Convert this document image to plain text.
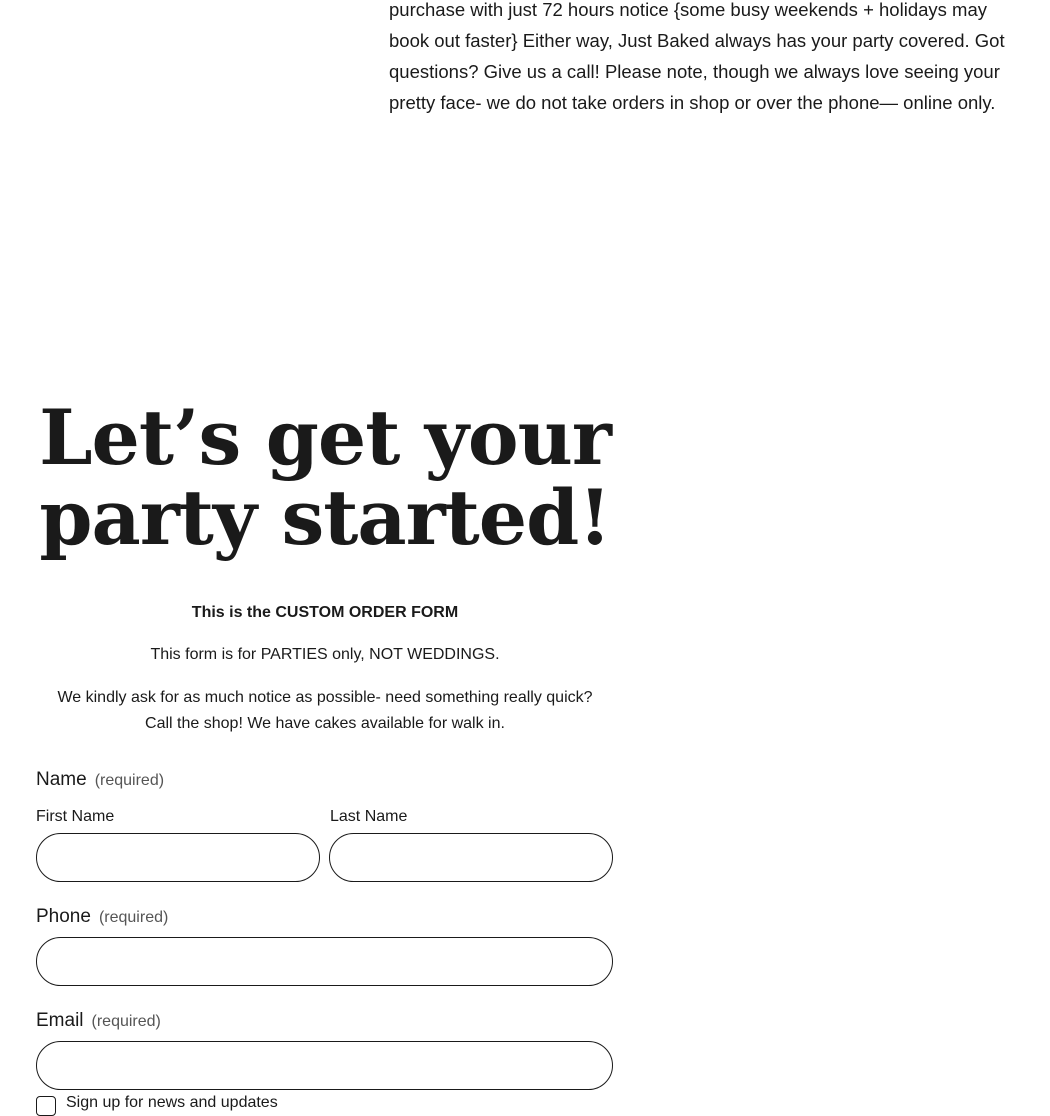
purchase with just 72 hours notice {some busy weekends + holidays may book out faster} Either way, Just Baked always has your party covered. Got questions? Give us a call! Please note, though we always love seeing your pretty face- we do not take orders in shop or over the phone— online only.

Let’s get your party started!

This is the CUSTOM ORDER FORM

This form is for PARTIES only, NOT WEDDINGS.

We kindly ask for as much notice as possible- need something really quick? Call the shop! We have cakes available for walk in.

Name (required)
First Name	Last Name
Phone (required)
Email (required)
Sign up for news and updates
